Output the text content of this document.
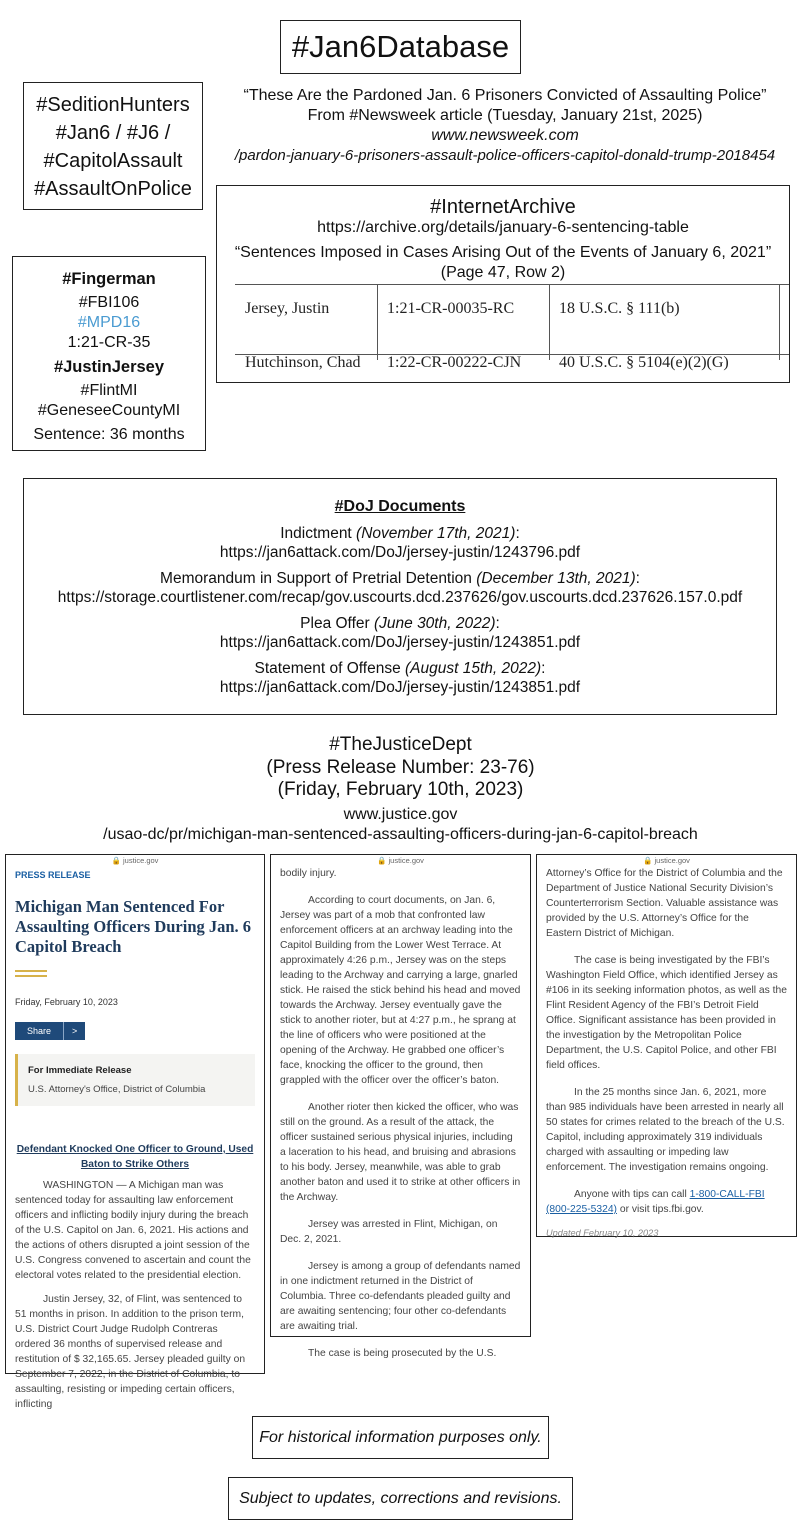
#Jan6Database
#SeditionHunters
#Jan6 / #J6 /
#CapitolAssault
#AssaultOnPolice
“These Are the Pardoned Jan. 6 Prisoners Convicted of Assaulting Police”
From #Newsweek article (Tuesday, January 21st, 2025)
www.newsweek.com
/pardon-january-6-prisoners-assault-police-officers-capitol-donald-trump-2018454
#Fingerman
#FBI106
#MPD16
1:21-CR-35
#JustinJersey
#FlintMI
#GeneseeCountyMI
Sentence: 36 months
#InternetArchive
https://archive.org/details/january-6-sentencing-table
“Sentences Imposed in Cases Arising Out of the Events of January 6, 2021”
(Page 47, Row 2)
Jersey, Justin	1:21-CR-00035-RC	18 U.S.C. § 111(b)
Hutchinson, Chad 1:22-CR-00222-CJN 40 U.S.C. § 5104(e)(2)(G)
#DoJ Documents
Indictment (November 17th, 2021):
https://jan6attack.com/DoJ/jersey-justin/1243796.pdf
Memorandum in Support of Pretrial Detention (December 13th, 2021):
https://storage.courtlistener.com/recap/gov.uscourts.dcd.237626/gov.uscourts.dcd.237626.157.0.pdf
Plea Offer (June 30th, 2022):
https://jan6attack.com/DoJ/jersey-justin/1243851.pdf
Statement of Offense (August 15th, 2022):
https://jan6attack.com/DoJ/jersey-justin/1243851.pdf
#TheJusticeDept
(Press Release Number: 23-76)
(Friday, February 10th, 2023)
www.justice.gov
/usao-dc/pr/michigan-man-sentenced-assaulting-officers-during-jan-6-capitol-breach
🔒 justice.gov
PRESS RELEASE
Michigan Man Sentenced For Assaulting Officers During Jan. 6 Capitol Breach
Friday, February 10, 2023
Share >
For Immediate Release
U.S. Attorney's Office, District of Columbia
Defendant Knocked One Officer to Ground, Used Baton to Strike Others

WASHINGTON — A Michigan man was sentenced today for assaulting law enforcement officers and inflicting bodily injury during the breach of the U.S. Capitol on Jan. 6, 2021. His actions and the actions of others disrupted a joint session of the U.S. Congress convened to ascertain and count the electoral votes related to the presidential election.

Justin Jersey, 32, of Flint, was sentenced to 51 months in prison. In addition to the prison term, U.S. District Court Judge Rudolph Contreras ordered 36 months of supervised release and restitution of $ 32,165.65. Jersey pleaded guilty on September 7, 2022, in the District of Columbia, to assaulting, resisting or impeding certain officers, inflicting

🔒 justice.gov

bodily injury.

According to court documents, on Jan. 6, Jersey was part of a mob that confronted law enforcement officers at an archway leading into the Capitol Building from the Lower West Terrace. At approximately 4:26 p.m., Jersey was on the steps leading to the Archway and carrying a large, gnarled stick. He raised the stick behind his head and moved towards the Archway. Jersey eventually gave the stick to another rioter, but at 4:27 p.m., he sprang at the line of officers who were positioned at the opening of the Archway. He grabbed one officer’s face, knocking the officer to the ground, then grappled with the officer over the officer’s baton.

Another rioter then kicked the officer, who was still on the ground. As a result of the attack, the officer sustained serious physical injuries, including a laceration to his head, and bruising and abrasions to his body. Jersey, meanwhile, was able to grab another baton and used it to strike at other officers in the Archway.

Jersey was arrested in Flint, Michigan, on Dec. 2, 2021.

Jersey is among a group of defendants named in one indictment returned in the District of Columbia. Three co-defendants pleaded guilty and are awaiting sentencing; four other co-defendants are awaiting trial.

The case is being prosecuted by the U.S.

🔒 justice.gov

Attorney’s Office for the District of Columbia and the Department of Justice National Security Division’s Counterterrorism Section. Valuable assistance was provided by the U.S. Attorney’s Office for the Eastern District of Michigan.

The case is being investigated by the FBI’s Washington Field Office, which identified Jersey as #106 in its seeking information photos, as well as the Flint Resident Agency of the FBI’s Detroit Field Office. Significant assistance has been provided in the investigation by the Metropolitan Police Department, the U.S. Capitol Police, and other FBI field offices.

In the 25 months since Jan. 6, 2021, more than 985 individuals have been arrested in nearly all 50 states for crimes related to the breach of the U.S. Capitol, including approximately 319 individuals charged with assaulting or impeding law enforcement. The investigation remains ongoing.

Anyone with tips can call 1-800-CALL-FBI (800-225-5324) or visit tips.fbi.gov.

Updated February 10, 2023
For historical information purposes only.
Subject to updates, corrections and revisions.
